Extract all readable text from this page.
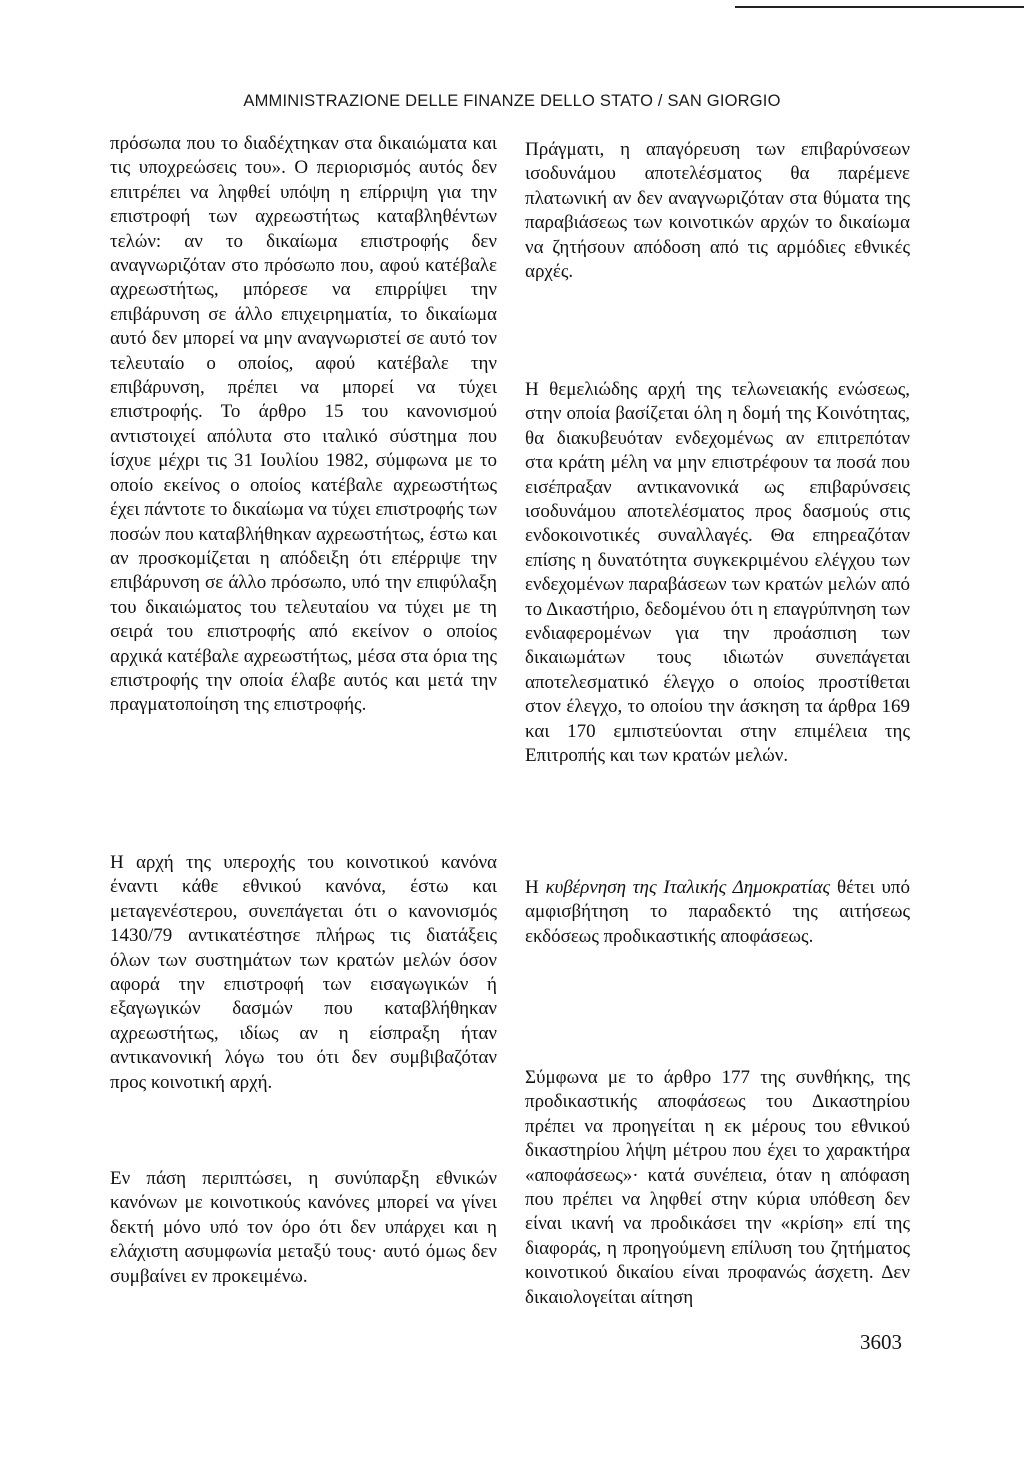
AMMINISTRAZIONE DELLE FINANZE DELLO STATO / SAN GIORGIO

πρόσωπα που το διαδέχτηκαν στα δικαιώματα και τις υποχρεώσεις του». Ο περιορισμός αυτός δεν επιτρέπει να ληφθεί υπόψη η επίρριψη για την επιστροφή των αχρεωστήτως καταβληθέντων τελών: αν το δικαίωμα επιστροφής δεν αναγνωριζόταν στο πρόσωπο που, αφού κατέβαλε αχρεωστήτως, μπόρεσε να επιρρίψει την επιβάρυνση σε άλλο επιχειρηματία, το δικαίωμα αυτό δεν μπορεί να μην αναγνωριστεί σε αυτό τον τελευταίο ο οποίος, αφού κατέβαλε την επιβάρυνση, πρέπει να μπορεί να τύχει επιστροφής. Το άρθρο 15 του κανονισμού αντιστοιχεί απόλυτα στο ιταλικό σύστημα που ίσχυε μέχρι τις 31 Ιουλίου 1982, σύμφωνα με το οποίο εκείνος ο οποίος κατέβαλε αχρεωστήτως έχει πάντοτε το δικαίωμα να τύχει επιστροφής των ποσών που καταβλήθηκαν αχρεωστήτως, έστω και αν προσκομίζεται η απόδειξη ότι επέρριψε την επιβάρυνση σε άλλο πρόσωπο, υπό την επιφύλαξη του δικαιώματος του τελευταίου να τύχει με τη σειρά του επιστροφής από εκείνον ο οποίος αρχικά κατέβαλε αχρεωστήτως, μέσα στα όρια της επιστροφής την οποία έλαβε αυτός και μετά την πραγματοποίηση της επιστροφής.

Η αρχή της υπεροχής του κοινοτικού κανόνα έναντι κάθε εθνικού κανόνα, έστω και μεταγενέστερου, συνεπάγεται ότι ο κανονισμός 1430/79 αντικατέστησε πλήρως τις διατάξεις όλων των συστημάτων των κρατών μελών όσον αφορά την επιστροφή των εισαγωγικών ή εξαγωγικών δασμών που καταβλήθηκαν αχρεωστήτως, ιδίως αν η είσπραξη ήταν αντικανονική λόγω του ότι δεν συμβιβαζόταν προς κοινοτική αρχή.

Εν πάση περιπτώσει, η συνύπαρξη εθνικών κανόνων με κοινοτικούς κανόνες μπορεί να γίνει δεκτή μόνο υπό τον όρο ότι δεν υπάρχει και η ελάχιστη ασυμφωνία μεταξύ τους· αυτό όμως δεν συμβαίνει εν προκειμένω.

Πράγματι, η απαγόρευση των επιβαρύνσεων ισοδυνάμου αποτελέσματος θα παρέμενε πλατωνική αν δεν αναγνωριζόταν στα θύματα της παραβιάσεως των κοινοτικών αρχών το δικαίωμα να ζητήσουν απόδοση από τις αρμόδιες εθνικές αρχές.

Η θεμελιώδης αρχή της τελωνειακής ενώσεως, στην οποία βασίζεται όλη η δομή της Κοινότητας, θα διακυβευόταν ενδεχομένως αν επιτρεπόταν στα κράτη μέλη να μην επιστρέφουν τα ποσά που εισέπραξαν αντικανονικά ως επιβαρύνσεις ισοδυνάμου αποτελέσματος προς δασμούς στις ενδοκοινοτικές συναλλαγές. Θα επηρεαζόταν επίσης η δυνατότητα συγκεκριμένου ελέγχου των ενδεχομένων παραβάσεων των κρατών μελών από το Δικαστήριο, δεδομένου ότι η επαγρύπνηση των ενδιαφερομένων για την προάσπιση των δικαιωμάτων τους ιδιωτών συνεπάγεται αποτελεσματικό έλεγχο ο οποίος προστίθεται στον έλεγχο, το οποίου την άσκηση τα άρθρα 169 και 170 εμπιστεύονται στην επιμέλεια της Επιτροπής και των κρατών μελών.

Η κυβέρνηση της Ιταλικής Δημοκρατίας θέτει υπό αμφισβήτηση το παραδεκτό της αιτήσεως εκδόσεως προδικαστικής αποφάσεως.

Σύμφωνα με το άρθρο 177 της συνθήκης, της προδικαστικής αποφάσεως του Δικαστηρίου πρέπει να προηγείται η εκ μέρους του εθνικού δικαστηρίου λήψη μέτρου που έχει το χαρακτήρα «αποφάσεως»· κατά συνέπεια, όταν η απόφαση που πρέπει να ληφθεί στην κύρια υπόθεση δεν είναι ικανή να προδικάσει την «κρίση» επί της διαφοράς, η προηγούμενη επίλυση του ζητήματος κοινοτικού δικαίου είναι προφανώς άσχετη. Δεν δικαιολογείται αίτηση

3603
